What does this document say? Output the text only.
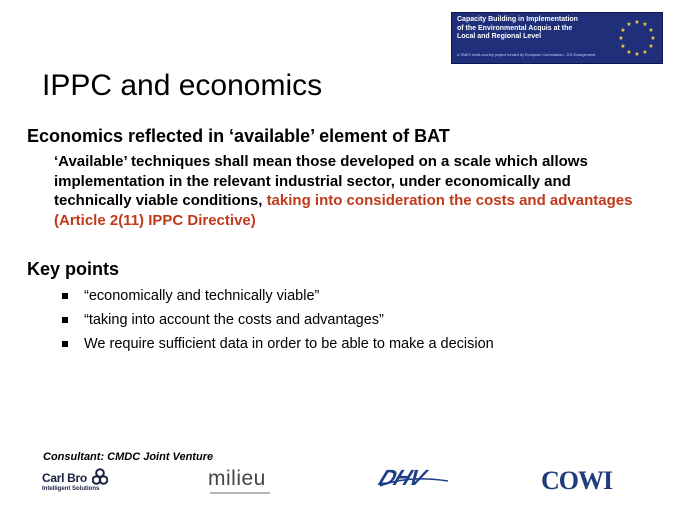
Capacity Building in Implementation
of the Environmental Acquis at the
Local and Regional Level
A TAIEX multi-country project funded by European Commission - DG Enlargement
★ ★
★
★
★
★
★
★
★
★
★
★
IPPC and economics
Economics reflected in ‘available’ element of BAT
‘Available’ techniques shall mean those developed on a scale which allows implementation in the relevant industrial sector, under economically and technically viable conditions, taking into consideration the costs and advantages (Article 2(11) IPPC Directive)
Key points
“economically and technically viable”
“taking into account the costs and advantages”
We require sufficient data in order to be able to make a decision
Consultant: CMDC Joint Venture
Carl Bro
Intelligent Solutions	milieu	DHV	COWI
